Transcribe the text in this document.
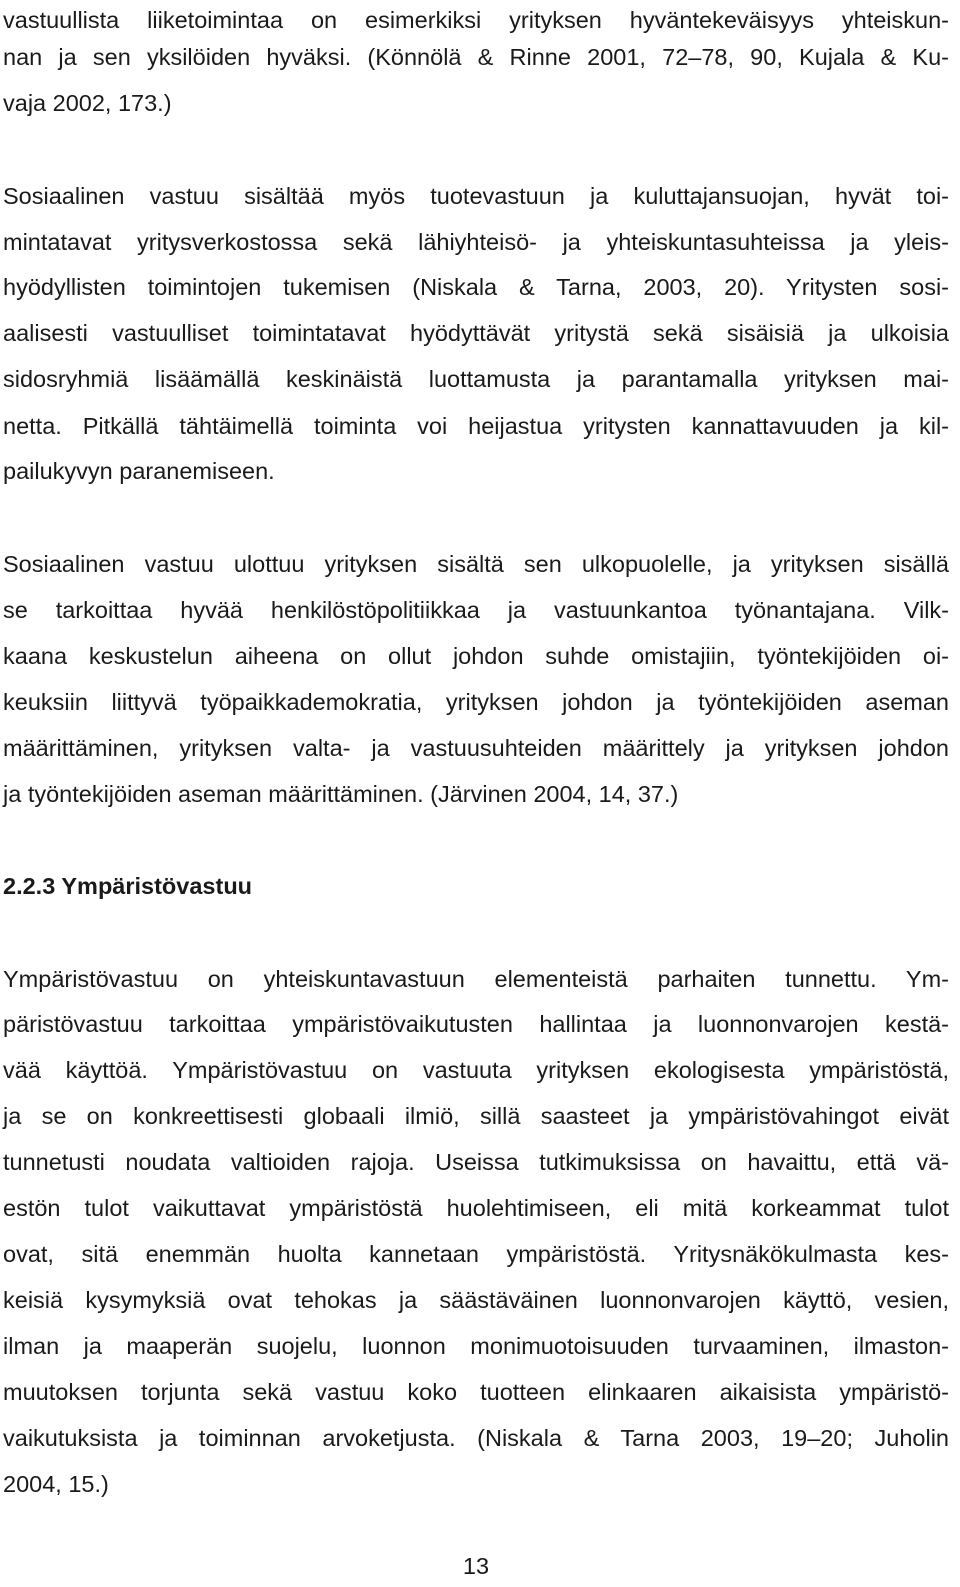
vastuullista liiketoimintaa on esimerkiksi yrityksen hyväntekeväisyys yhteiskun-
nan ja sen yksilöiden hyväksi. (Könnölä & Rinne 2001, 72–78, 90, Kujala & Ku-
vaja 2002, 173.)
Sosiaalinen vastuu sisältää myös tuotevastuun ja kuluttajansuojan, hyvät toi-
mintatavat yritysverkostossa sekä lähiyhteisö- ja yhteiskuntasuhteissa ja yleis-
hyödyllisten toimintojen tukemisen (Niskala & Tarna, 2003, 20). Yritysten sosi-
aalisesti vastuulliset toimintatavat hyödyttävät yritystä sekä sisäisiä ja ulkoisia
sidosryhmiä lisäämällä keskinäistä luottamusta ja parantamalla yrityksen mai-
netta. Pitkällä tähtäimellä toiminta voi heijastua yritysten kannattavuuden ja kil-
pailukyvyn paranemiseen.
Sosiaalinen vastuu ulottuu yrityksen sisältä sen ulkopuolelle, ja yrityksen sisällä
se tarkoittaa hyvää henkilöstöpolitiikkaa ja vastuunkantoa työnantajana. Vilk-
kaana keskustelun aiheena on ollut johdon suhde omistajiin, työntekijöiden oi-
keuksiin liittyvä työpaikkademokratia, yrityksen johdon ja työntekijöiden aseman
määrittäminen, yrityksen valta- ja vastuusuhteiden määrittely ja yrityksen johdon
ja työntekijöiden aseman määrittäminen. (Järvinen 2004, 14, 37.)
2.2.3 Ympäristövastuu
Ympäristövastuu on yhteiskuntavastuun elementeistä parhaiten tunnettu. Ym-
päristövastuu tarkoittaa ympäristövaikutusten hallintaa ja luonnonvarojen kestä-
vää käyttöä. Ympäristövastuu on vastuuta yrityksen ekologisesta ympäristöstä,
ja se on konkreettisesti globaali ilmiö, sillä saasteet ja ympäristövahingot eivät
tunnetusti noudata valtioiden rajoja. Useissa tutkimuksissa on havaittu, että vä-
estön tulot vaikuttavat ympäristöstä huolehtimiseen, eli mitä korkeammat tulot
ovat, sitä enemmän huolta kannetaan ympäristöstä. Yritysnäkökulmasta kes-
keisiä kysymyksiä ovat tehokas ja säästäväinen luonnonvarojen käyttö, vesien,
ilman ja maaperän suojelu, luonnon monimuotoisuuden turvaaminen, ilmaston-
muutoksen torjunta sekä vastuu koko tuotteen elinkaaren aikaisista ympäristö-
vaikutuksista ja toiminnan arvoketjusta. (Niskala & Tarna 2003, 19–20; Juholin
2004, 15.)
13
